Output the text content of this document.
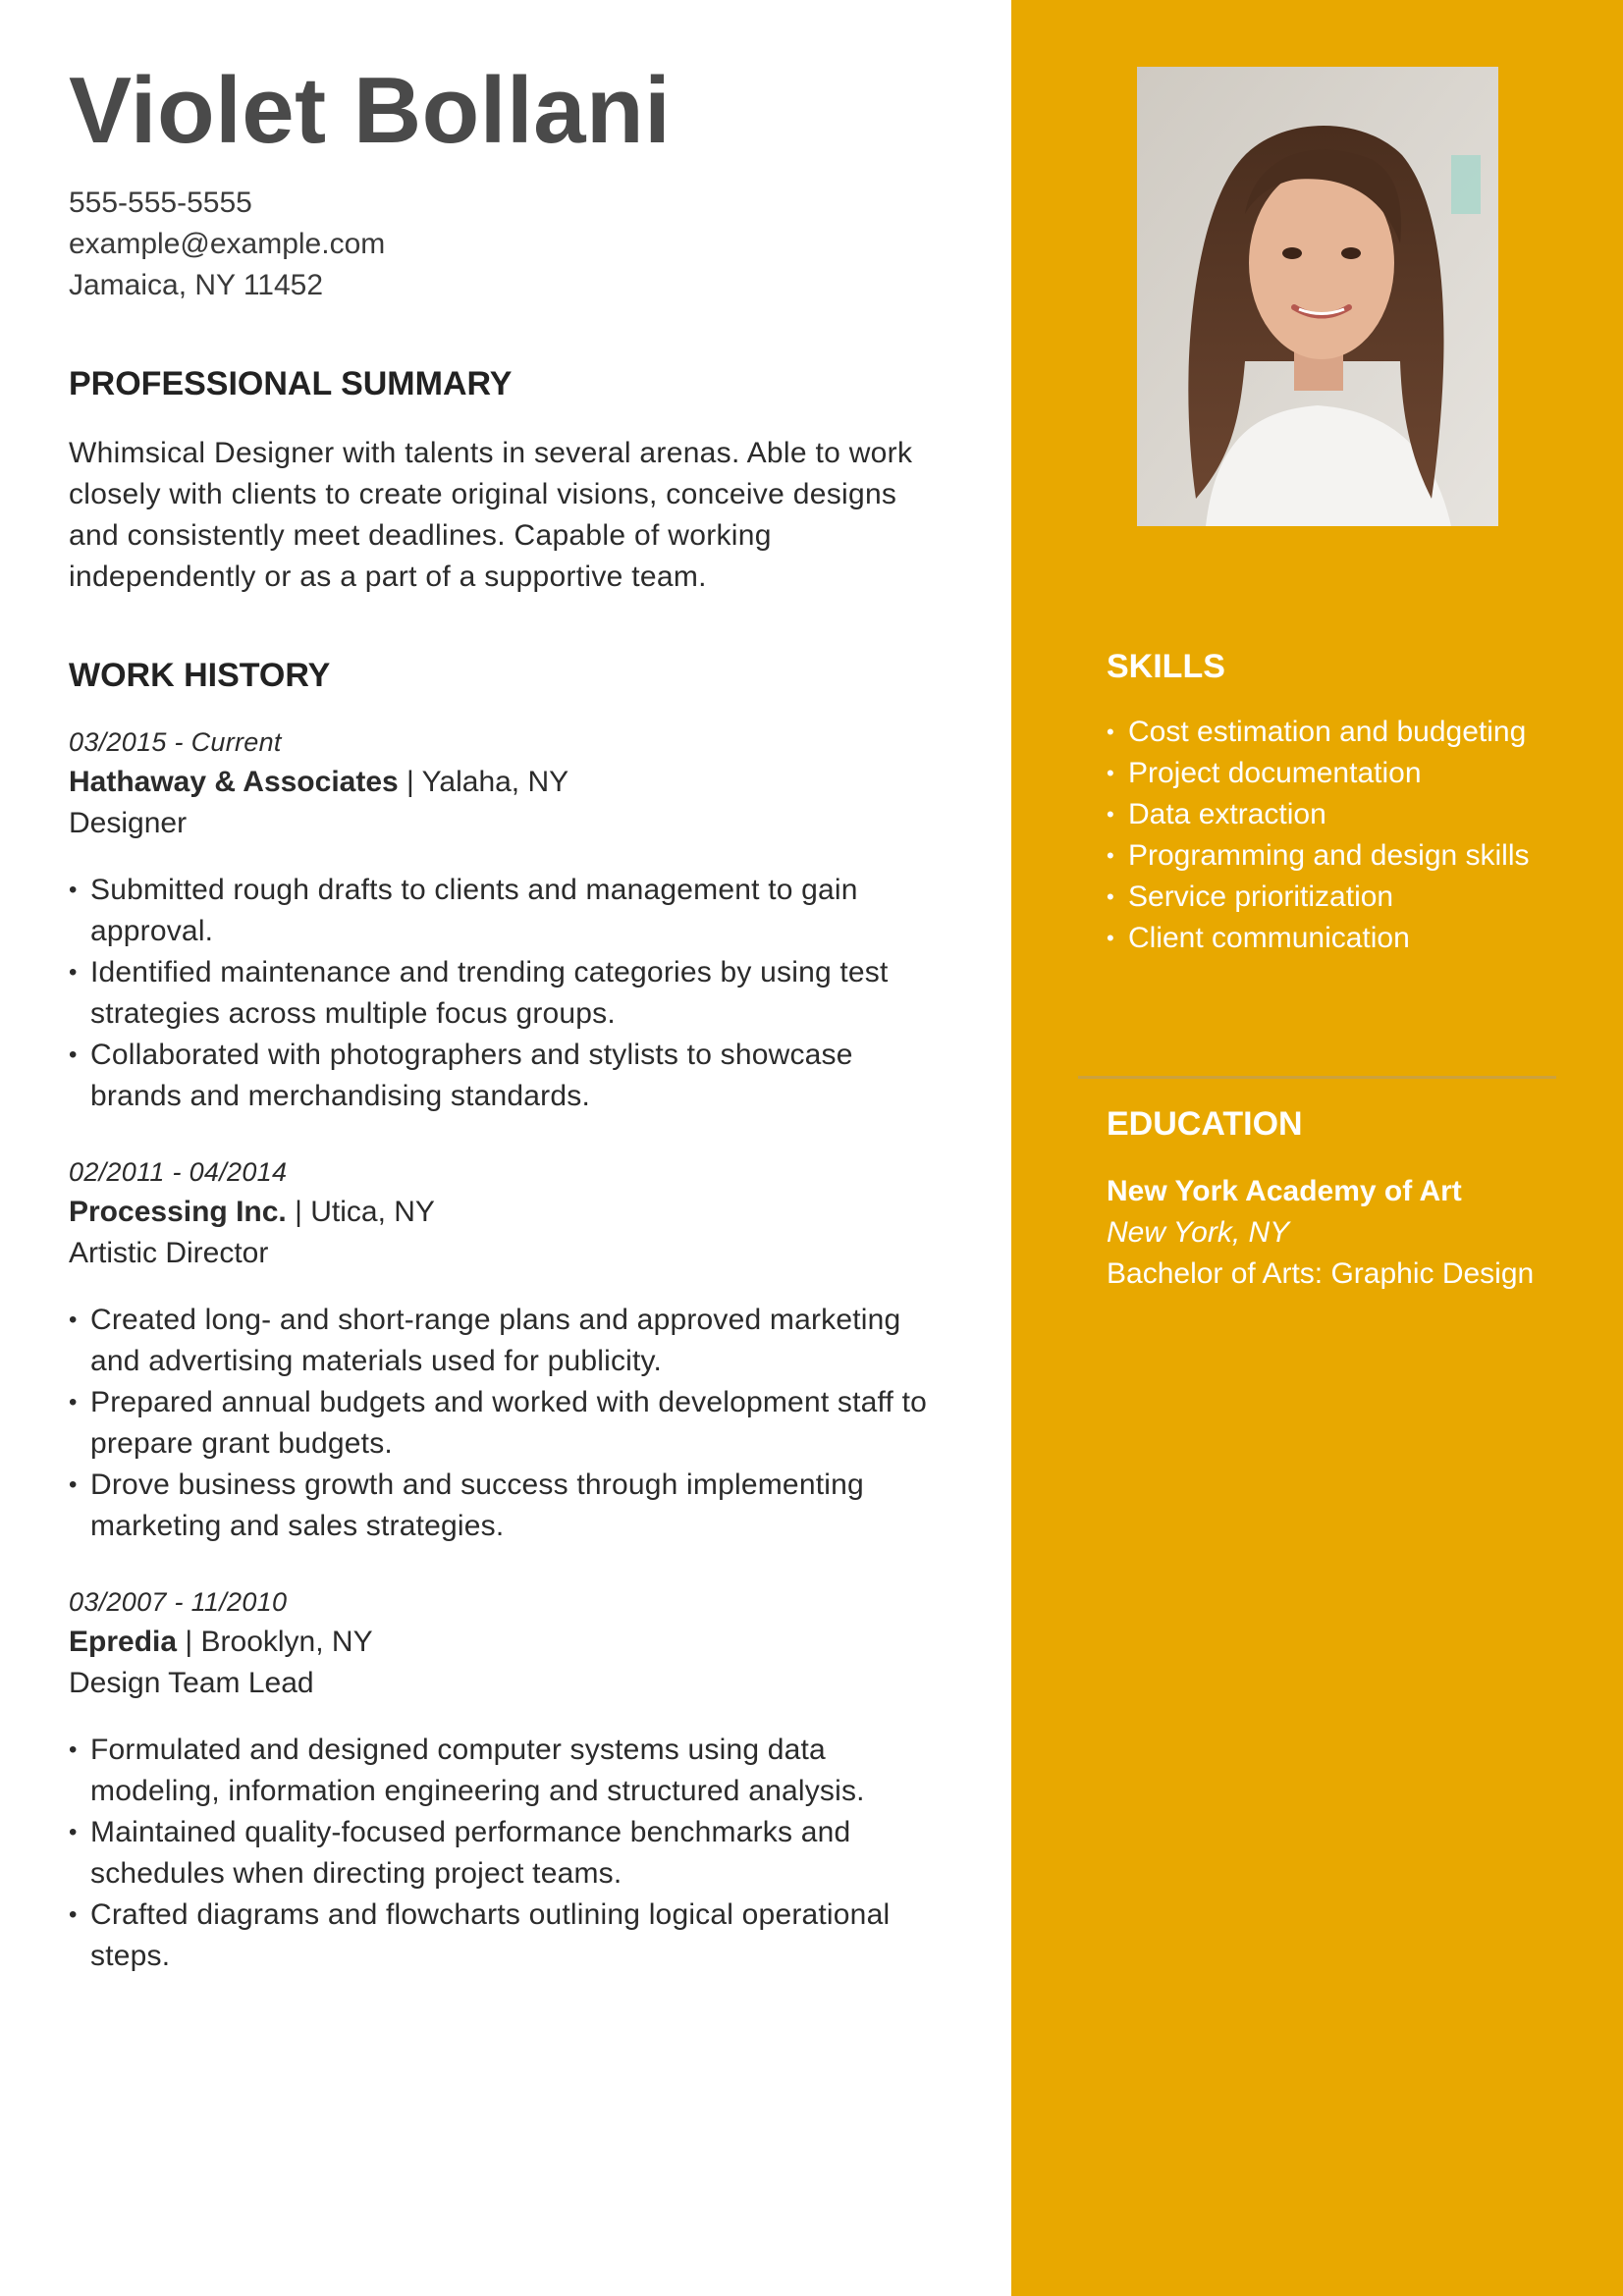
Violet Bollani
555-555-5555
example@example.com
Jamaica, NY 11452
PROFESSIONAL SUMMARY
Whimsical Designer with talents in several arenas. Able to work closely with clients to create original visions, conceive designs and consistently meet deadlines. Capable of working independently or as a part of a supportive team.
WORK HISTORY
03/2015 - Current
Hathaway & Associates | Yalaha, NY
Designer
• Submitted rough drafts to clients and management to gain approval.
• Identified maintenance and trending categories by using test strategies across multiple focus groups.
• Collaborated with photographers and stylists to showcase brands and merchandising standards.
02/2011 - 04/2014
Processing Inc. | Utica, NY
Artistic Director
• Created long- and short-range plans and approved marketing and advertising materials used for publicity.
• Prepared annual budgets and worked with development staff to prepare grant budgets.
• Drove business growth and success through implementing marketing and sales strategies.
03/2007 - 11/2010
Epredia | Brooklyn, NY
Design Team Lead
• Formulated and designed computer systems using data modeling, information engineering and structured analysis.
• Maintained quality-focused performance benchmarks and schedules when directing project teams.
• Crafted diagrams and flowcharts outlining logical operational steps.
SKILLS
• Cost estimation and budgeting
• Project documentation
• Data extraction
• Programming and design skills
• Service prioritization
• Client communication
EDUCATION
New York Academy of Art
New York, NY
Bachelor of Arts: Graphic Design
